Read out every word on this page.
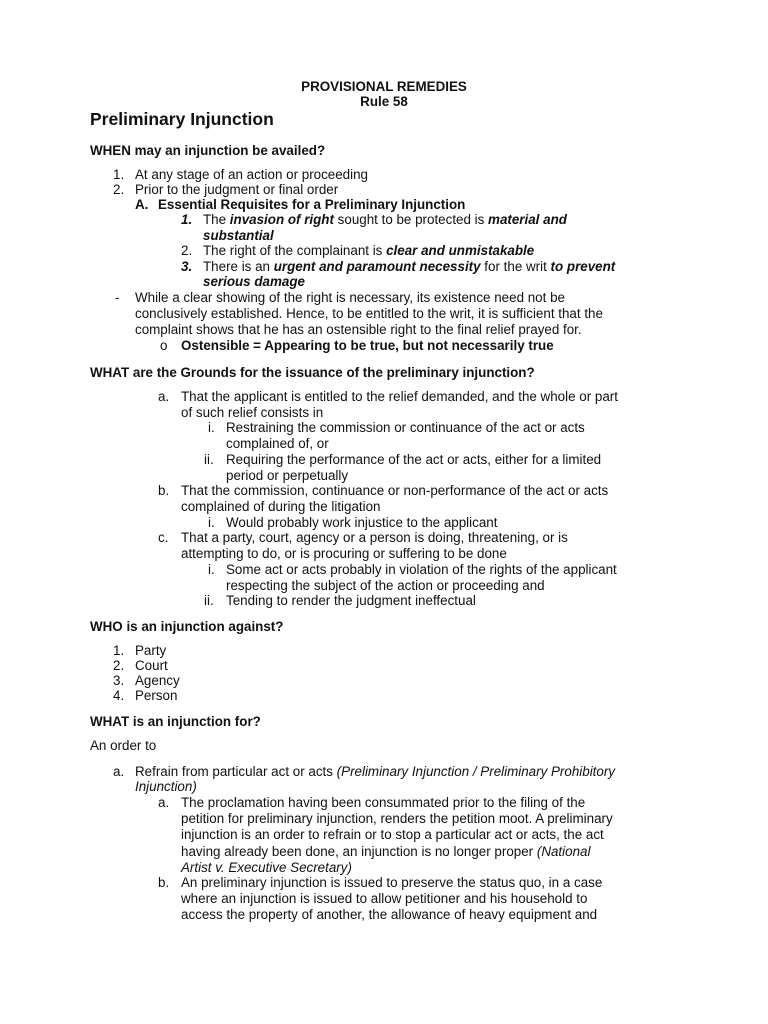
PROVISIONAL REMEDIES
Rule 58
Preliminary Injunction
WHEN may an injunction be availed?
1. At any stage of an action or proceeding
2. Prior to the judgment or final order
A. Essential Requisites for a Preliminary Injunction
1. The invasion of right sought to be protected is material and
substantial
2. The right of the complainant is clear and unmistakable
3. There is an urgent and paramount necessity for the writ to prevent
serious damage
- While a clear showing of the right is necessary, its existence need not be
conclusively established. Hence, to be entitled to the writ, it is sufficient that the
complaint shows that he has an ostensible right to the final relief prayed for.
o Ostensible = Appearing to be true, but not necessarily true
WHAT are the Grounds for the issuance of the preliminary injunction?
a. That the applicant is entitled to the relief demanded, and the whole or part
of such relief consists in
i. Restraining the commission or continuance of the act or acts
complained of, or
ii. Requiring the performance of the act or acts, either for a limited
period or perpetually
b. That the commission, continuance or non-performance of the act or acts
complained of during the litigation
i. Would probably work injustice to the applicant
c. That a party, court, agency or a person is doing, threatening, or is
attempting to do, or is procuring or suffering to be done
i. Some act or acts probably in violation of the rights of the applicant
respecting the subject of the action or proceeding and
ii. Tending to render the judgment ineffectual
WHO is an injunction against?
1. Party
2. Court
3. Agency
4. Person
WHAT is an injunction for?
An order to
a. Refrain from particular act or acts (Preliminary Injunction / Preliminary Prohibitory
Injunction)
a. The proclamation having been consummated prior to the filing of the
petition for preliminary injunction, renders the petition moot. A preliminary
injunction is an order to refrain or to stop a particular act or acts, the act
having already been done, an injunction is no longer proper (National
Artist v. Executive Secretary)
b. An preliminary injunction is issued to preserve the status quo, in a case
where an injunction is issued to allow petitioner and his household to
access the property of another, the allowance of heavy equipment and
